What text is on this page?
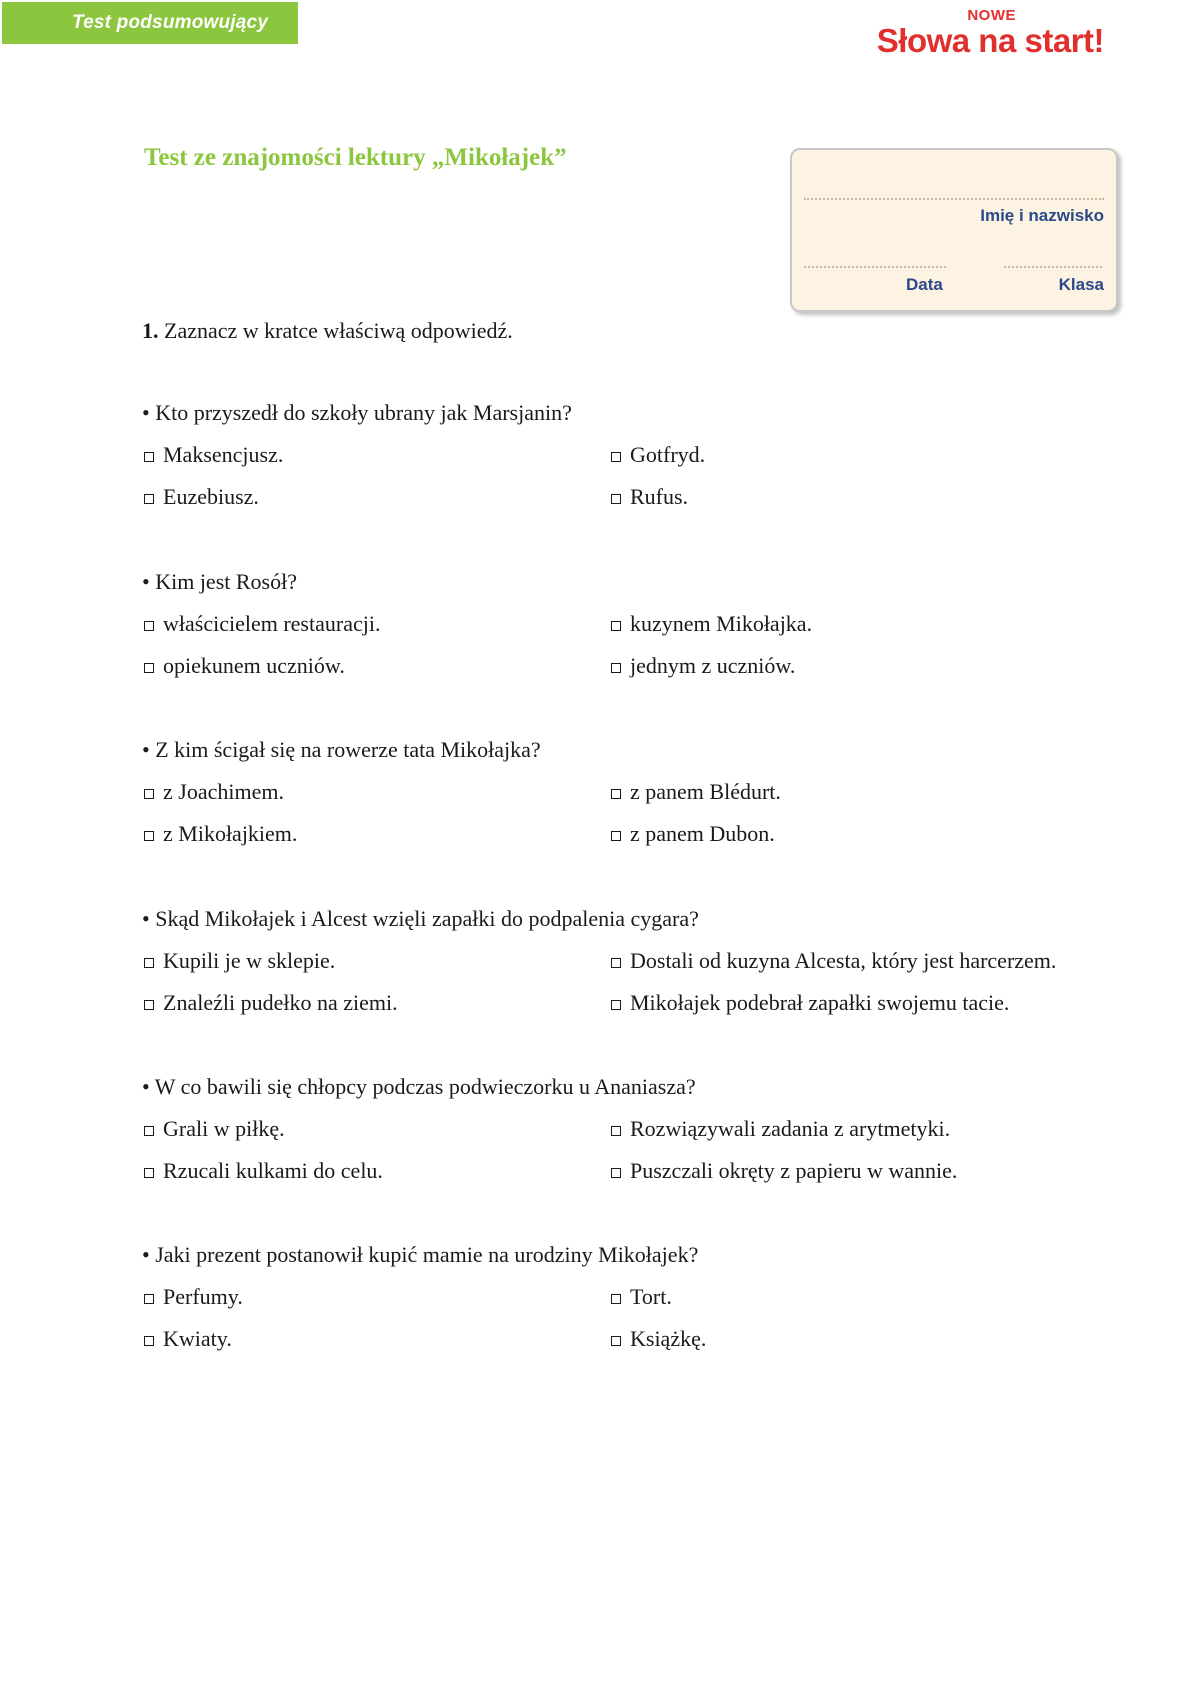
Test podsumowujący	NOWE
Słowa na start!
Test ze znajomości lektury „Mikołajek”
Imię i nazwisko
Data	Klasa
1. Zaznacz w kratce właściwą odpowiedź.
• Kto przyszedł do szkoły ubrany jak Marsjanin?
Maksencjusz.	Gotfryd.
Euzebiusz.	Rufus.
• Kim jest Rosół?
właścicielem restauracji.	kuzynem Mikołajka.
opiekunem uczniów.	jednym z uczniów.
• Z kim ścigał się na rowerze tata Mikołajka?
z Joachimem.	z panem Blédurt.
z Mikołajkiem.	z panem Dubon.
• Skąd Mikołajek i Alcest wzięli zapałki do podpalenia cygara?
Kupili je w sklepie.	Dostali od kuzyna Alcesta, który jest harcerzem.
Znaleźli pudełko na ziemi.	Mikołajek podebrał zapałki swojemu tacie.
• W co bawili się chłopcy podczas podwieczorku u Ananiasza?
Grali w piłkę.	Rozwiązywali zadania z arytmetyki.
Rzucali kulkami do celu.	Puszczali okręty z papieru w wannie.
• Jaki prezent postanowił kupić mamie na urodziny Mikołajek?
Perfumy.	Tort.
Kwiaty.	Książkę.
